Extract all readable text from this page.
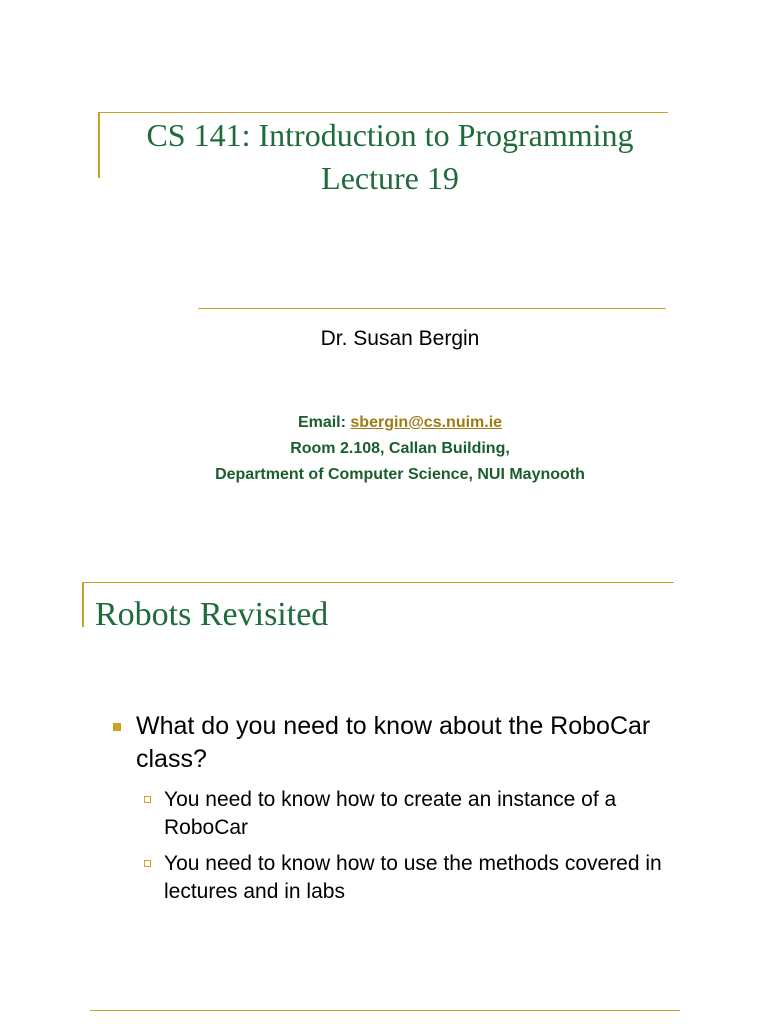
CS 141: Introduction to Programming
Lecture 19
Dr. Susan Bergin
Email: sbergin@cs.nuim.ie
Room 2.108, Callan Building,
Department of Computer Science, NUI Maynooth
Robots Revisited
What do you need to know about the RoboCar class?
You need to know how to create an instance of a RoboCar
You need to know how to use the methods covered in lectures and in labs
